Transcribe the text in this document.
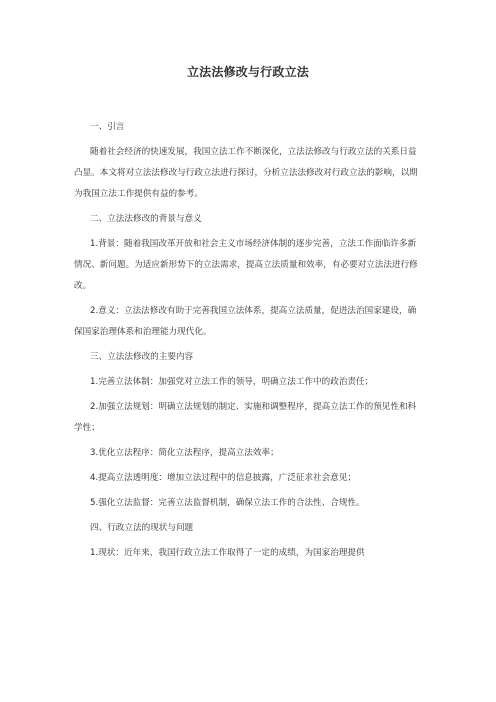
立法法修改与行政立法

一、引言

随着社会经济的快速发展，我国立法工作不断深化，立法法修改与行政立法的关系日益凸显。本文将对立法法修改与行政立法进行探讨，分析立法法修改对行政立法的影响，以期为我国立法工作提供有益的参考。

二、立法法修改的背景与意义

1.背景：随着我国改革开放和社会主义市场经济体制的逐步完善，立法工作面临许多新情况、新问题。为适应新形势下的立法需求，提高立法质量和效率，有必要对立法法进行修改。

2.意义：立法法修改有助于完善我国立法体系，提高立法质量，促进法治国家建设，确保国家治理体系和治理能力现代化。

三、立法法修改的主要内容

1.完善立法体制：加强党对立法工作的领导，明确立法工作中的政治责任；

2.加强立法规划：明确立法规划的制定、实施和调整程序，提高立法工作的预见性和科学性；

3.优化立法程序：简化立法程序，提高立法效率；

4.提高立法透明度：增加立法过程中的信息披露，广泛征求社会意见；

5.强化立法监督：完善立法监督机制，确保立法工作的合法性、合规性。

四、行政立法的现状与问题

1.现状：近年来，我国行政立法工作取得了一定的成绩，为国家治理提供
